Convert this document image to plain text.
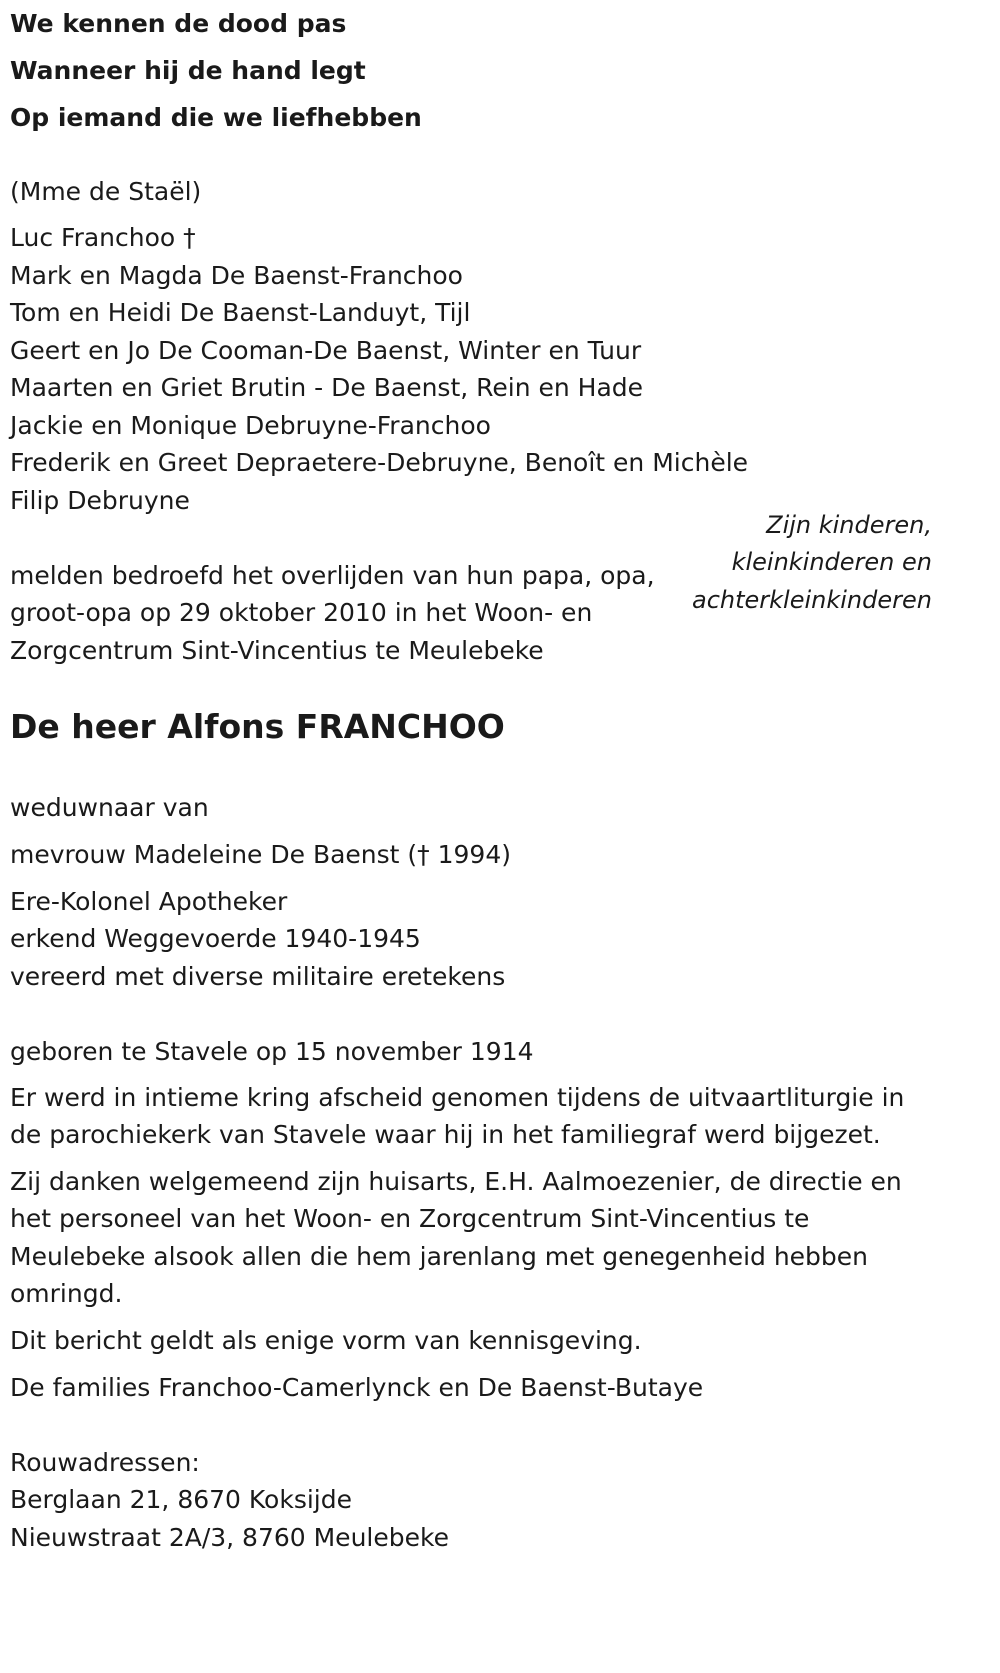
We kennen de dood pas
Wanneer hij de hand legt
Op iemand die we liefhebben
(Mme de Staël)
Luc Franchoo †
Mark en Magda De Baenst-Franchoo
Tom en Heidi De Baenst-Landuyt, Tijl
Geert en Jo De Cooman-De Baenst, Winter en Tuur
Maarten en Griet Brutin - De Baenst, Rein en Hade
Jackie en Monique Debruyne-Franchoo
Frederik en Greet Depraetere-Debruyne, Benoît en Michèle
Filip Debruyne
Zijn kinderen,
kleinkinderen en
achterkleinkinderen
melden bedroefd het overlijden van hun papa, opa,
groot-opa op 29 oktober 2010 in het Woon- en
Zorgcentrum Sint-Vincentius te Meulebeke
De heer Alfons FRANCHOO
weduwnaar van
mevrouw Madeleine De Baenst († 1994)
Ere-Kolonel Apotheker
erkend Weggevoerde 1940-1945
vereerd met diverse militaire eretekens
geboren te Stavele op 15 november 1914
Er werd in intieme kring afscheid genomen tijdens de uitvaartliturgie in
de parochiekerk van Stavele waar hij in het familiegraf werd bijgezet.
Zij danken welgemeend zijn huisarts, E.H. Aalmoezenier, de directie en
het personeel van het Woon- en Zorgcentrum Sint-Vincentius te
Meulebeke alsook allen die hem jarenlang met genegenheid hebben
omringd.
Dit bericht geldt als enige vorm van kennisgeving.
De families Franchoo-Camerlynck en De Baenst-Butaye
Rouwadressen:
Berglaan 21, 8670 Koksijde
Nieuwstraat 2A/3, 8760 Meulebeke
